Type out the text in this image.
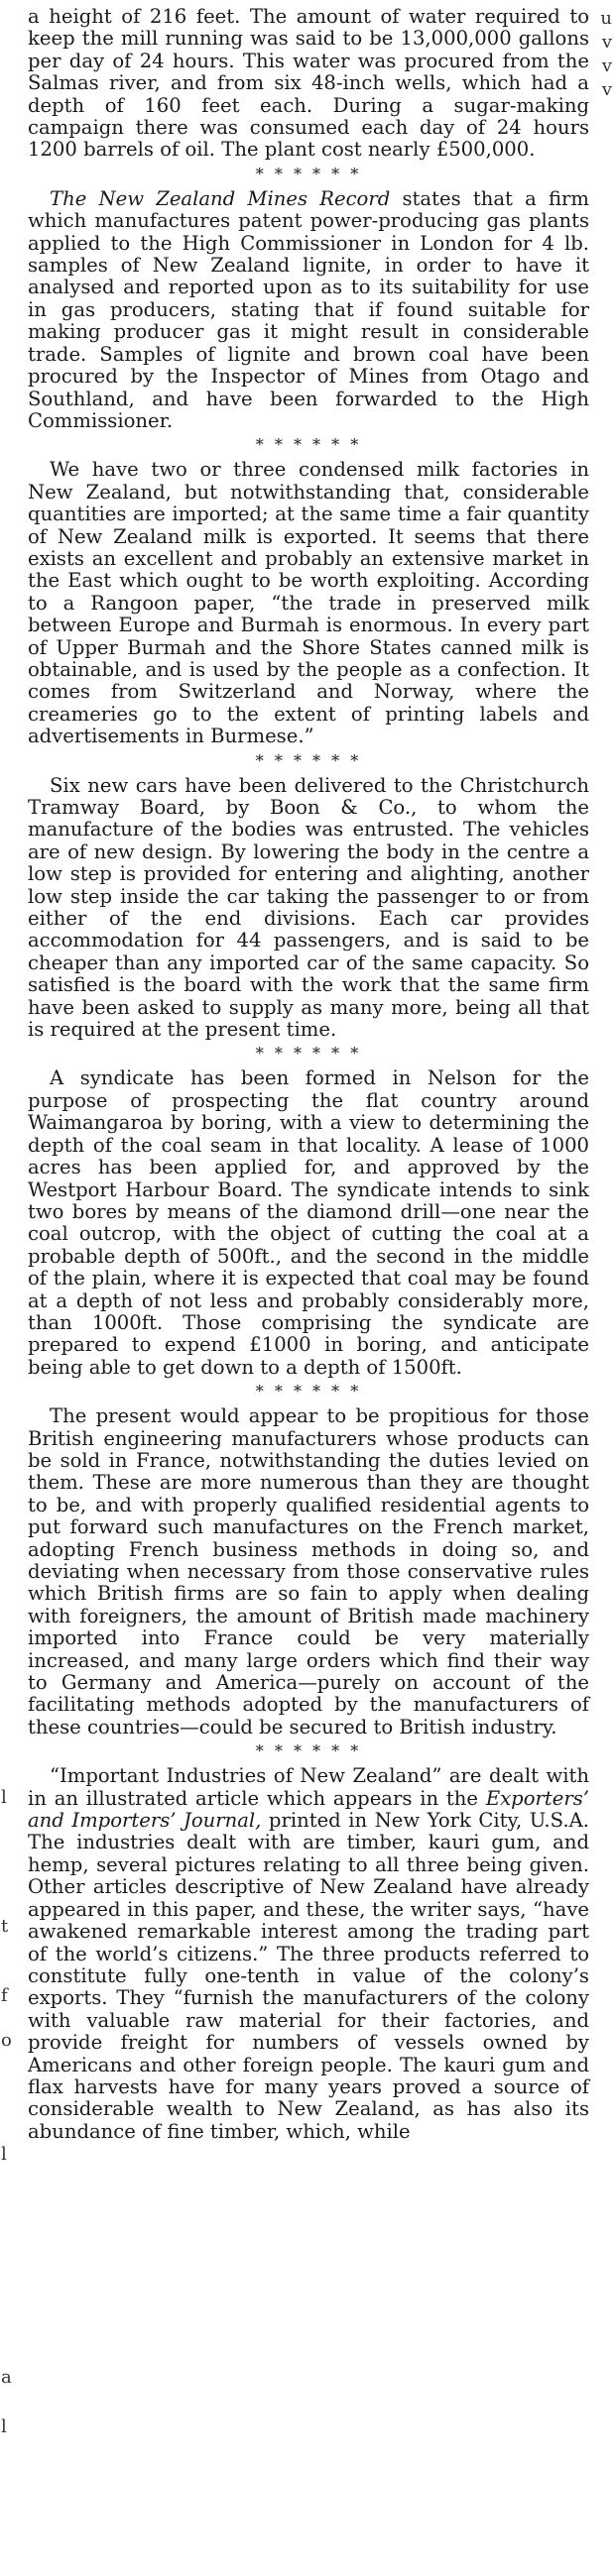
l
t
f
o
l
a
l
u
v
v
v

a height of 216 feet. The amount of water required to keep the mill running was said to be 13,000,000 gallons per day of 24 hours. This water was procured from the Salmas river, and from six 48-inch wells, which had a depth of 160 feet each. During a sugar-making campaign there was consumed each day of 24 hours 1200 barrels of oil. The plant cost nearly £500,000.

* * * * * *

The New Zealand Mines Record states that a firm which manufactures patent power-producing gas plants applied to the High Commissioner in London for 4 lb. samples of New Zealand lignite, in order to have it analysed and reported upon as to its suitability for use in gas producers, stating that if found suitable for making producer gas it might result in considerable trade. Samples of lignite and brown coal have been procured by the Inspector of Mines from Otago and Southland, and have been forwarded to the High Commissioner.

* * * * * *

We have two or three condensed milk factories in New Zealand, but notwithstanding that, considerable quantities are imported; at the same time a fair quantity of New Zealand milk is exported. It seems that there exists an excellent and probably an extensive market in the East which ought to be worth exploiting. According to a Rangoon paper, “the trade in preserved milk between Europe and Burmah is enormous. In every part of Upper Burmah and the Shore States canned milk is obtainable, and is used by the people as a confection. It comes from Switzerland and Norway, where the creameries go to the extent of printing labels and advertisements in Burmese.”

* * * * * *

Six new cars have been delivered to the Christchurch Tramway Board, by Boon & Co., to whom the manufacture of the bodies was entrusted. The vehicles are of new design. By lowering the body in the centre a low step is provided for entering and alighting, another low step inside the car taking the passenger to or from either of the end divisions. Each car provides accommodation for 44 passengers, and is said to be cheaper than any imported car of the same capacity. So satisfied is the board with the work that the same firm have been asked to supply as many more, being all that is required at the present time.

* * * * * *

A syndicate has been formed in Nelson for the purpose of prospecting the flat country around Waimangaroa by boring, with a view to determining the depth of the coal seam in that locality. A lease of 1000 acres has been applied for, and approved by the Westport Harbour Board. The syndicate intends to sink two bores by means of the diamond drill—one near the coal outcrop, with the object of cutting the coal at a probable depth of 500ft., and the second in the middle of the plain, where it is expected that coal may be found at a depth of not less and probably considerably more, than 1000ft. Those comprising the syndicate are prepared to expend £1000 in boring, and anticipate being able to get down to a depth of 1500ft.

* * * * * *

The present would appear to be propitious for those British engineering manufacturers whose products can be sold in France, notwithstanding the duties levied on them. These are more numerous than they are thought to be, and with properly qualified residential agents to put forward such manufactures on the French market, adopting French business methods in doing so, and deviating when necessary from those conservative rules which British firms are so fain to apply when dealing with foreigners, the amount of British made machinery imported into France could be very materially increased, and many large orders which find their way to Germany and America—purely on account of the facilitating methods adopted by the manufacturers of these countries—could be secured to British industry.

* * * * * *

“Important Industries of New Zealand” are dealt with in an illustrated article which appears in the Exporters’ and Importers’ Journal, printed in New York City, U.S.A. The industries dealt with are timber, kauri gum, and hemp, several pictures relating to all three being given. Other articles descriptive of New Zealand have already appeared in this paper, and these, the writer says, “have awakened remarkable interest among the trading part of the world’s citizens.” The three products referred to constitute fully one-tenth in value of the colony’s exports. They “furnish the manufacturers of the colony with valuable raw material for their factories, and provide freight for numbers of vessels owned by Americans and other foreign people. The kauri gum and flax harvests have for many years proved a source of considerable wealth to New Zealand, as has also its abundance of fine timber, which, while
